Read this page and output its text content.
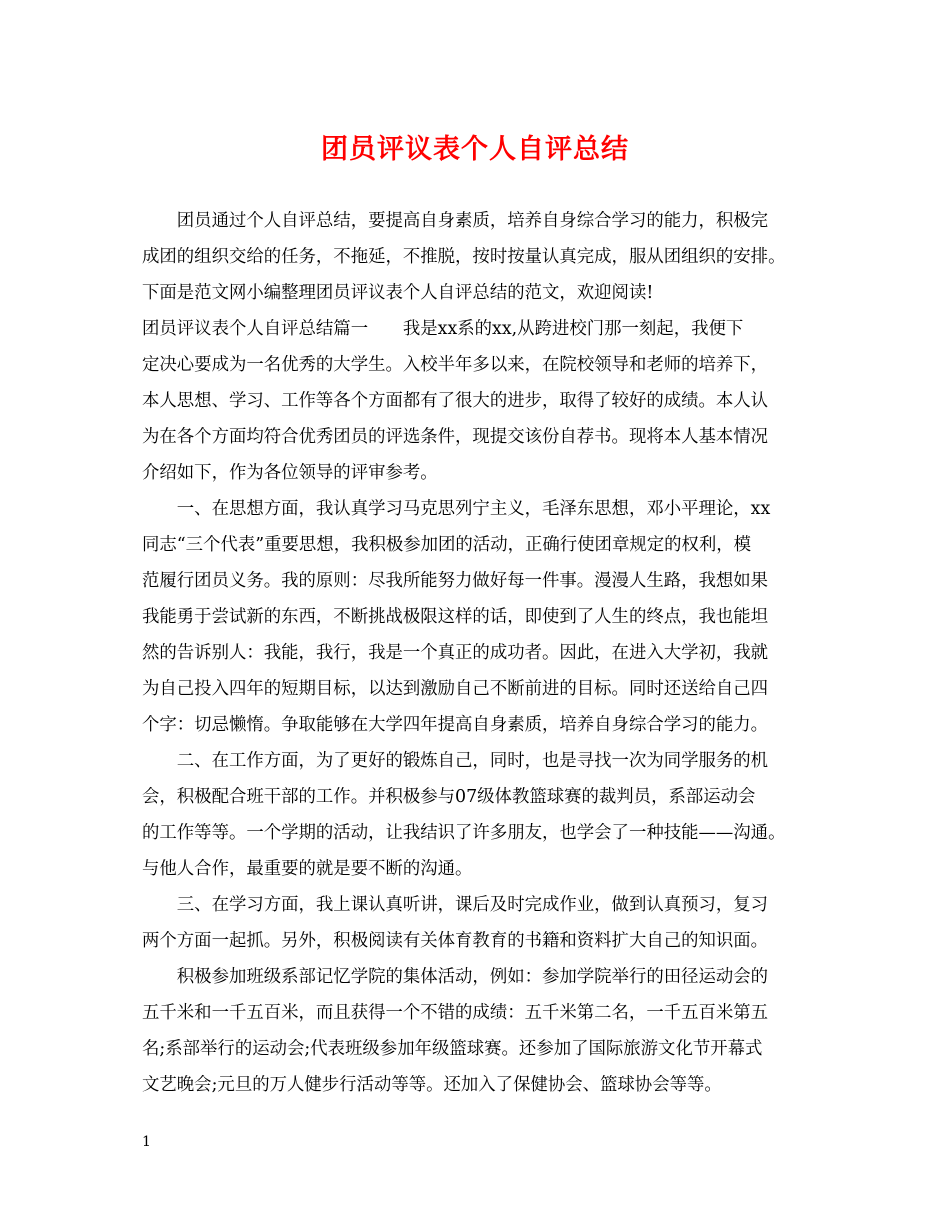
团员评议表个人自评总结
　　团员通过个人自评总结，要提高自身素质，培养自身综合学习的能力，积极完
成团的组织交给的任务，不拖延，不推脱，按时按量认真完成，服从团组织的安排。
下面是范文网小编整理团员评议表个人自评总结的范文，欢迎阅读!
团员评议表个人自评总结篇一　　我是xx系的xx,从跨进校门那一刻起，我便下
定决心要成为一名优秀的大学生。入校半年多以来，在院校领导和老师的培养下，
本人思想、学习、工作等各个方面都有了很大的进步，取得了较好的成绩。本人认
为在各个方面均符合优秀团员的评选条件，现提交该份自荐书。现将本人基本情况
介绍如下，作为各位领导的评审参考。
　　一、在思想方面，我认真学习马克思列宁主义，毛泽东思想，邓小平理论，xx
同志“三个代表”重要思想，我积极参加团的活动，正确行使团章规定的权利，模
范履行团员义务。我的原则：尽我所能努力做好每一件事。漫漫人生路，我想如果
我能勇于尝试新的东西，不断挑战极限这样的话，即使到了人生的终点，我也能坦
然的告诉别人：我能，我行，我是一个真正的成功者。因此，在进入大学初，我就
为自己投入四年的短期目标，以达到激励自己不断前进的目标。同时还送给自己四
个字：切忌懒惰。争取能够在大学四年提高自身素质，培养自身综合学习的能力。
　　二、在工作方面，为了更好的锻炼自己，同时，也是寻找一次为同学服务的机
会，积极配合班干部的工作。并积极参与07级体教篮球赛的裁判员，系部运动会
的工作等等。一个学期的活动，让我结识了许多朋友，也学会了一种技能——沟通。
与他人合作，最重要的就是要不断的沟通。
　　三、在学习方面，我上课认真听讲，课后及时完成作业，做到认真预习，复习
两个方面一起抓。另外，积极阅读有关体育教育的书籍和资料扩大自己的知识面。
　　积极参加班级系部记忆学院的集体活动，例如：参加学院举行的田径运动会的
五千米和一千五百米，而且获得一个不错的成绩：五千米第二名，一千五百米第五
名;系部举行的运动会;代表班级参加年级篮球赛。还参加了国际旅游文化节开幕式
文艺晚会;元旦的万人健步行活动等等。还加入了保健协会、篮球协会等等。
1
